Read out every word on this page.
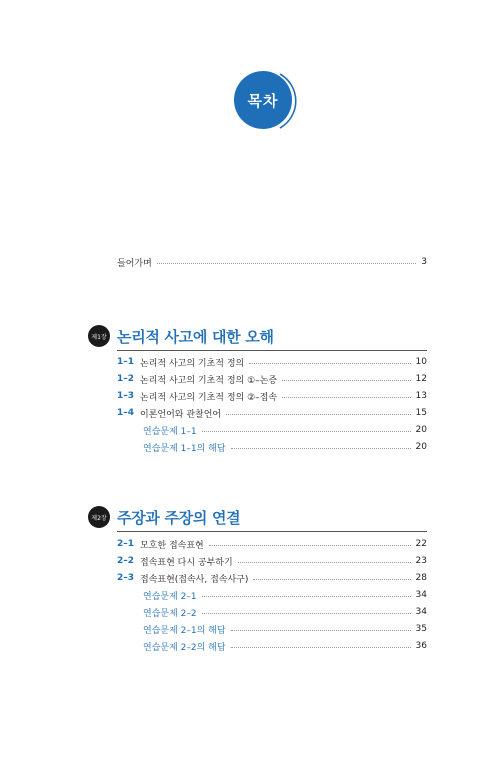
목차
들어가며	3
제1장 논리적 사고에 대한 오해
1–1 논리적 사고의 기초적 정의	10
1–2 논리적 사고의 기초적 정의 ①–논증	12
1–3 논리적 사고의 기초적 정의 ②–접속	13
1–4 이론언어와 관찰언어	15
연습문제 1–1	20
연습문제 1–1의 해답	20
제2장 주장과 주장의 연결
2–1 모호한 접속표현	22
2–2 접속표현 다시 공부하기	23
2–3 접속표현(접속사, 접속사구)	28
연습문제 2–1	34
연습문제 2–2	34
연습문제 2–1의 해답	35
연습문제 2–2의 해답	36
